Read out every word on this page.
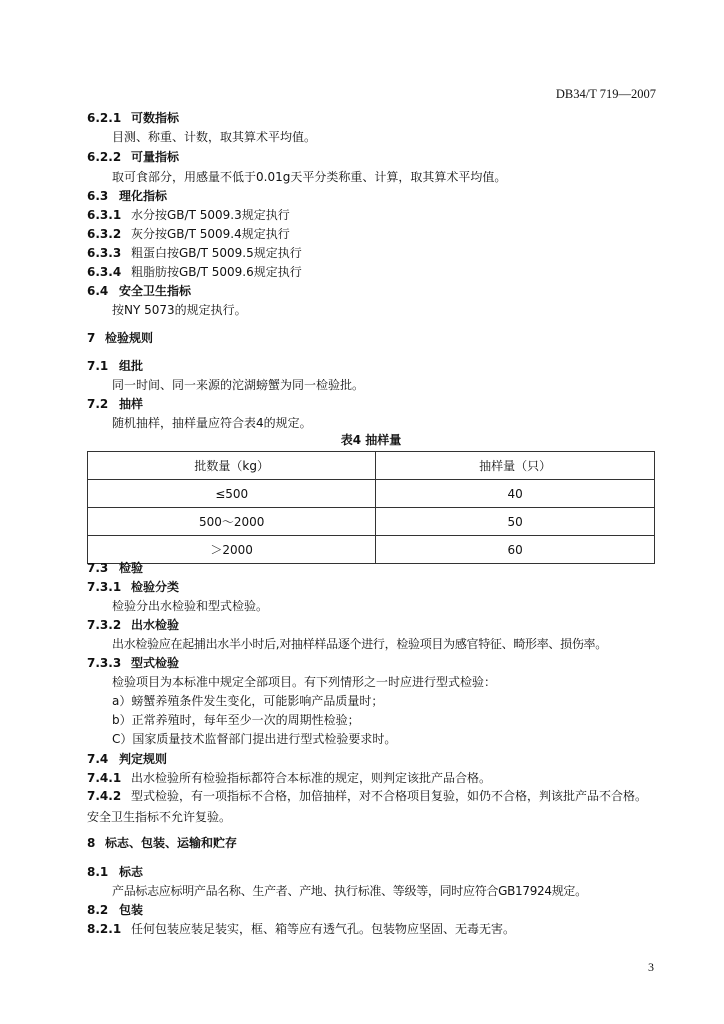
DB34/T 719—2007
6.2.1 可数指标
目测、称重、计数，取其算术平均值。
6.2.2 可量指标
取可食部分，用感量不低于0.01g天平分类称重、计算，取其算术平均值。
6.3 理化指标
6.3.1 水分按GB/T 5009.3规定执行
6.3.2 灰分按GB/T 5009.4规定执行
6.3.3 粗蛋白按GB/T 5009.5规定执行
6.3.4 粗脂肪按GB/T 5009.6规定执行
6.4 安全卫生指标
按NY 5073的规定执行。
7 检验规则
7.1 组批
同一时间、同一来源的沱湖螃蟹为同一检验批。
7.2 抽样
随机抽样，抽样量应符合表4的规定。
表4 抽样量
批数量（kg）	抽样量（只）
≤500	40
500～2000	50
＞2000	60
7.3 检验
7.3.1 检验分类
检验分出水检验和型式检验。
7.3.2 出水检验
出水检验应在起捕出水半小时后,对抽样样品逐个进行，检验项目为感官特征、畸形率、损伤率。
7.3.3 型式检验
检验项目为本标准中规定全部项目。有下列情形之一时应进行型式检验：
a）螃蟹养殖条件发生变化，可能影响产品质量时；
b）正常养殖时，每年至少一次的周期性检验；
C）国家质量技术监督部门提出进行型式检验要求时。
7.4 判定规则
7.4.1 出水检验所有检验指标都符合本标准的规定，则判定该批产品合格。
7.4.2 型式检验，有一项指标不合格，加倍抽样，对不合格项目复验，如仍不合格，判该批产品不合格。安全卫生指标不允许复验。
8 标志、包装、运输和贮存
8.1 标志
产品标志应标明产品名称、生产者、产地、执行标准、等级等，同时应符合GB17924规定。
8.2 包装
8.2.1 任何包装应装足装实，框、箱等应有透气孔。包装物应坚固、无毒无害。
3
